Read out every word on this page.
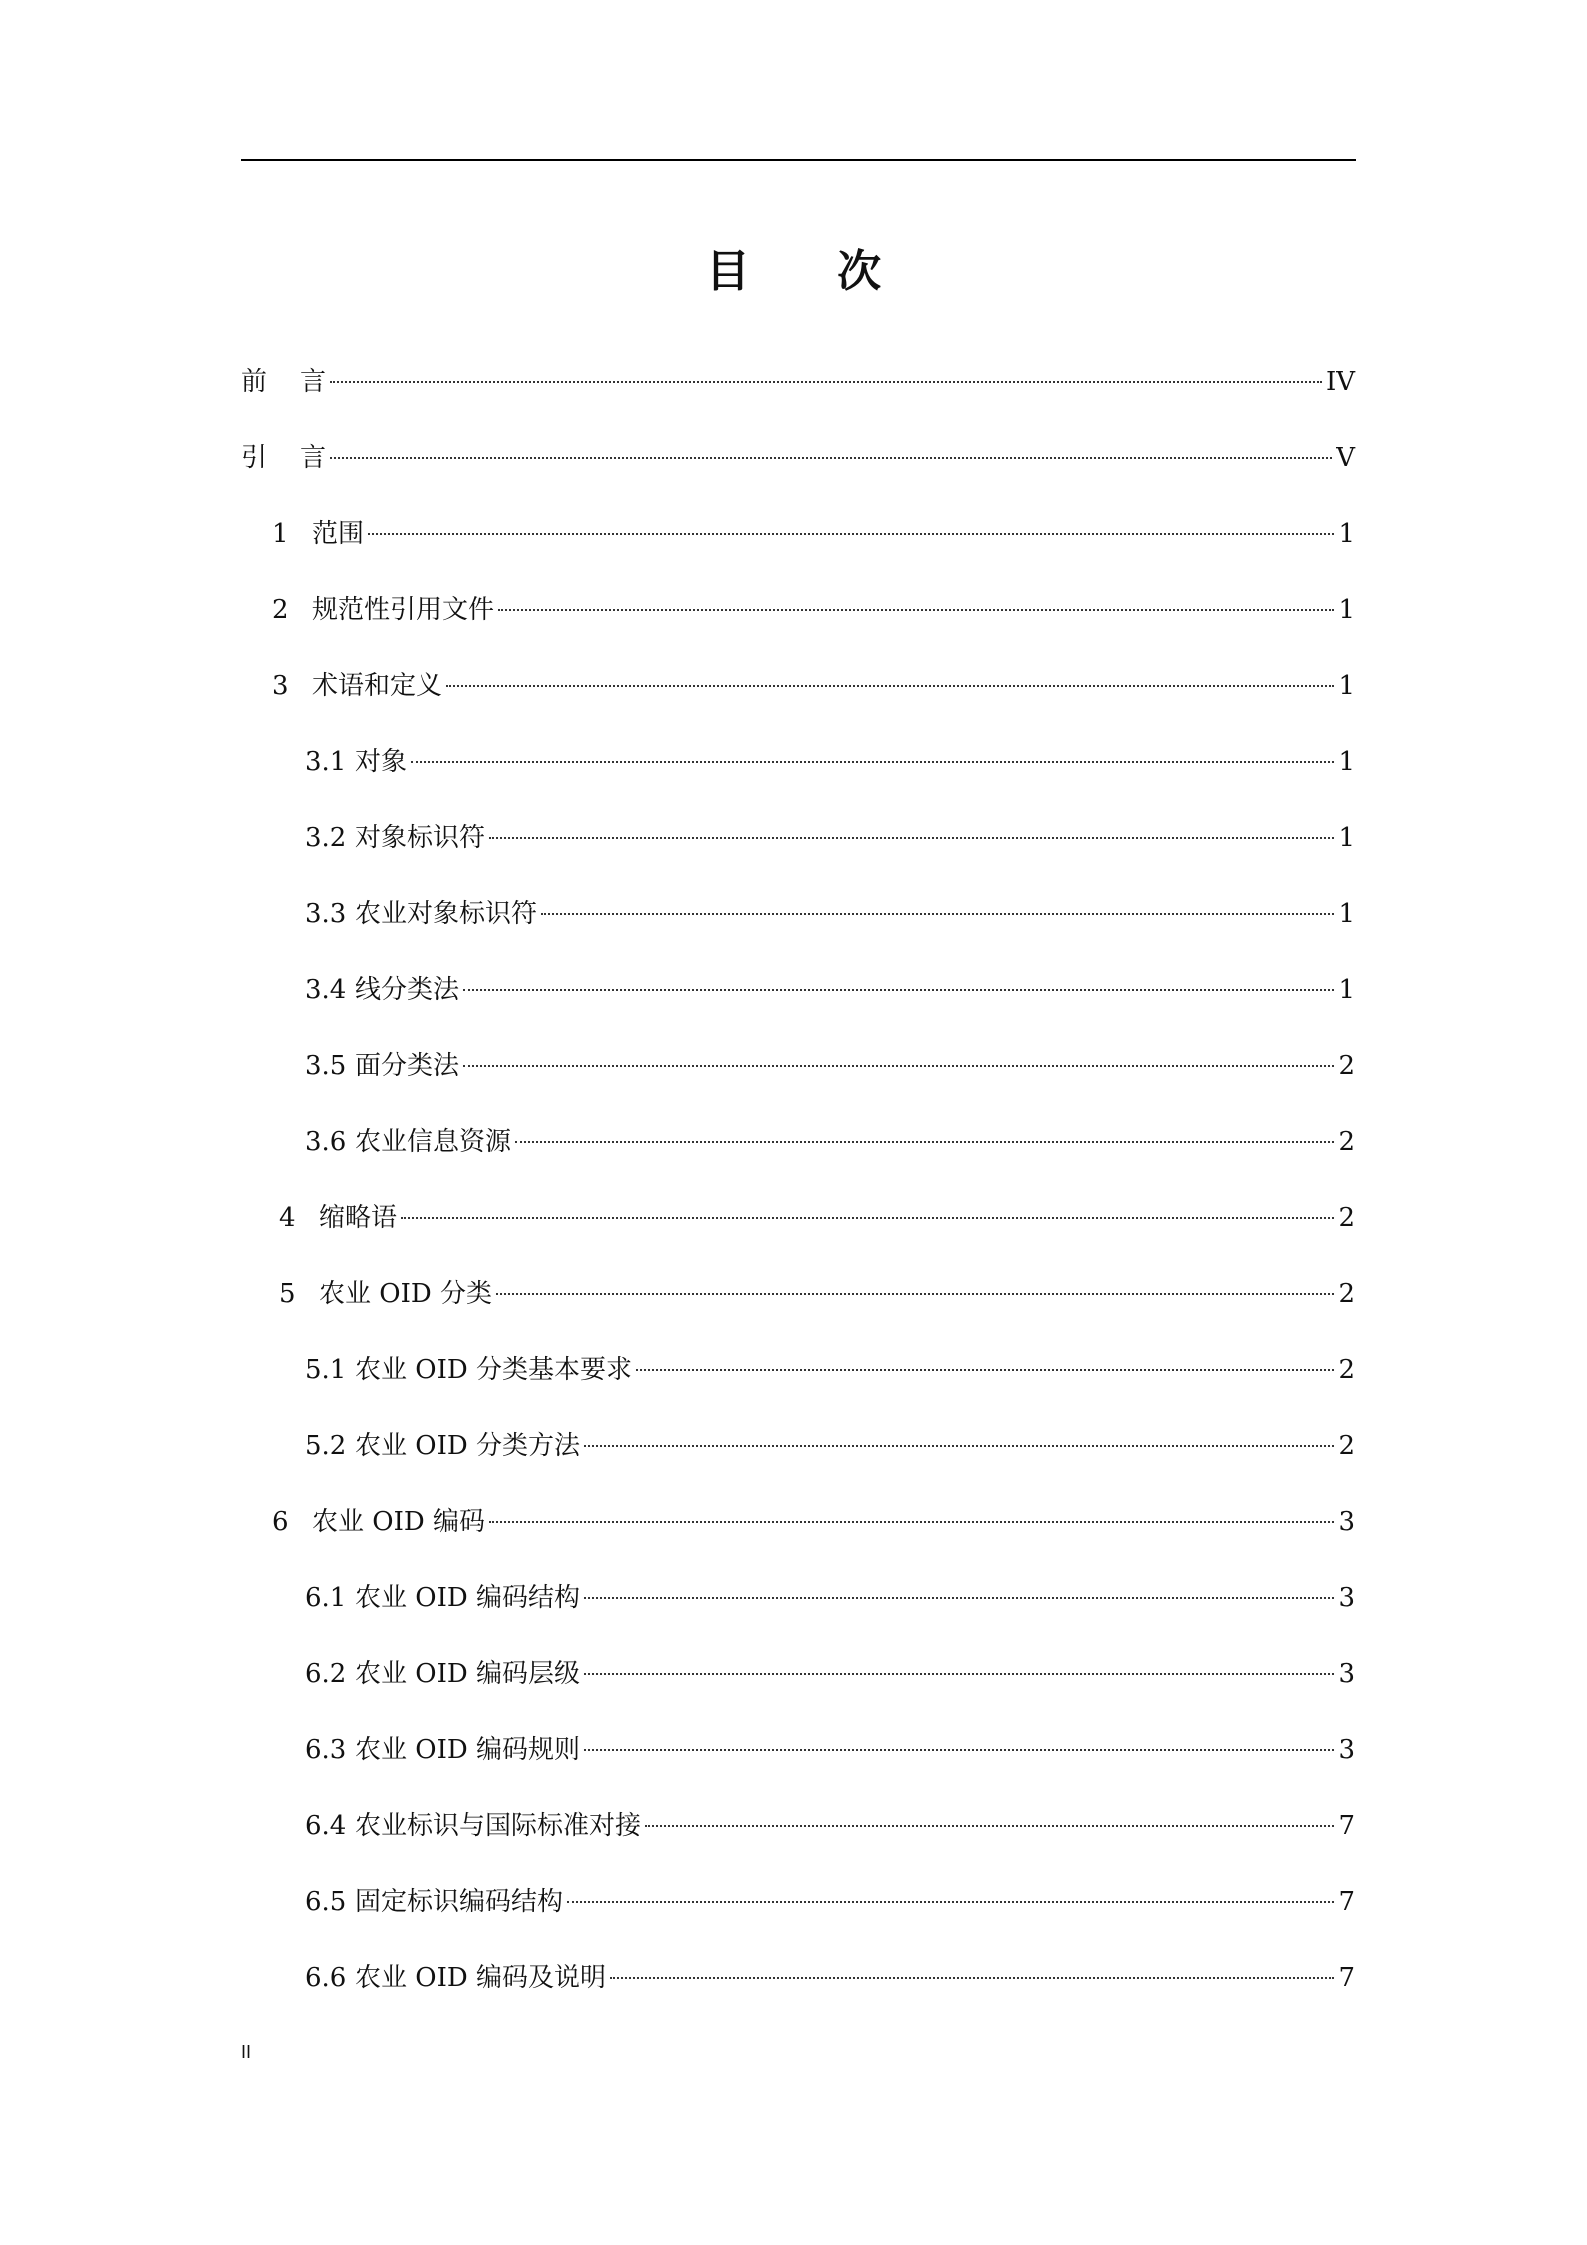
目 次
前    言	IV
引    言	V
1 范围	1
2 规范性引用文件	1
3 术语和定义	1
3.1 对象	1
3.2 对象标识符	1
3.3 农业对象标识符	1
3.4 线分类法	1
3.5 面分类法	2
3.6 农业信息资源	2
4 缩略语	2
5 农业 OID 分类	2
5.1 农业 OID 分类基本要求	2
5.2 农业 OID 分类方法	2
6 农业 OID 编码	3
6.1 农业 OID 编码结构	3
6.2 农业 OID 编码层级	3
6.3 农业 OID 编码规则	3
6.4 农业标识与国际标准对接	7
6.5 固定标识编码结构	7
6.6 农业 OID 编码及说明	7
II
